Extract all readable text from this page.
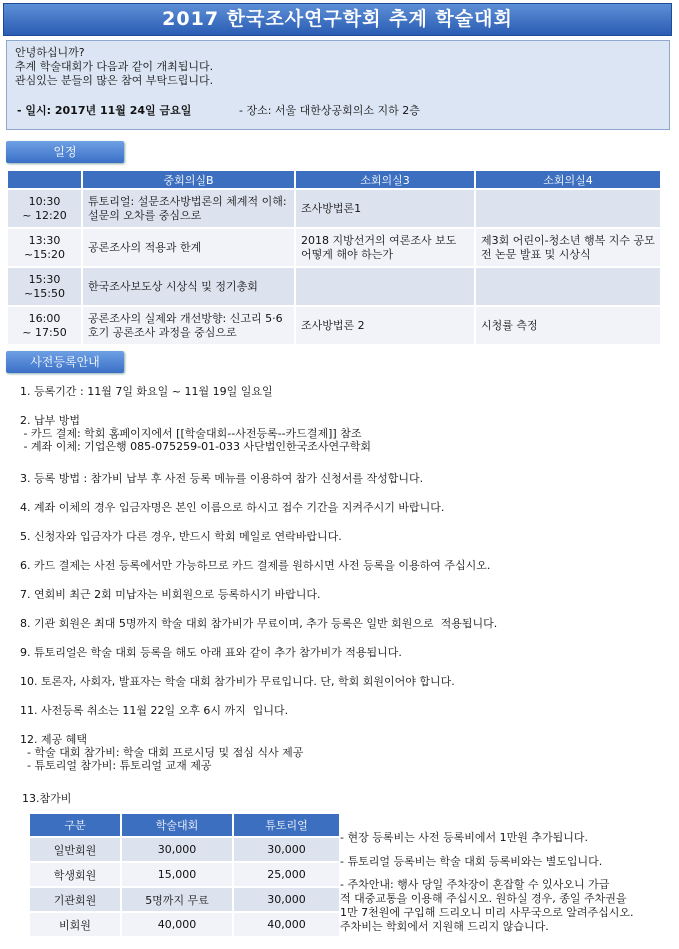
2017 한국조사연구학회 추계 학술대회
안녕하십니까?
추계 학술대회가 다음과 같이 개최됩니다.
관심있는 분들의 많은 참여 부탁드립니다.
- 일시: 2017년 11월 24일 금요일	- 장소: 서울 대한상공회의소 지하 2층
일정
	중회의실B	소회의실3	소회의실4
10:30
~ 12:20	튜토리얼: 설문조사방법론의 체계적 이해: 설문의 오차를 중심으로	조사방법론1	
13:30
~15:20	공론조사의 적용과 한계	2018 지방선거의 여론조사 보도 어떻게 해야 하는가	제3회 어린이-청소년 행복 지수 공모전 논문 발표 및 시상식
15:30
~15:50	한국조사보도상 시상식 및 정기총회		
16:00
~ 17:50	공론조사의 실제와 개선방향: 신고리 5·6호기 공론조사 과정을 중심으로	조사방법론 2	시청률 측정
사전등록안내
1. 등록기간 : 11월 7일 화요일 ~ 11월 19일 일요일
2. 납부 방법
- 카드 결제: 학회 홈페이지에서 [[학술대회--사전등록--카드결제]] 참조
- 계좌 이체: 기업은행 085-075259-01-033 사단법인한국조사연구학회
3. 등록 방법 : 참가비 납부 후 사전 등록 메뉴를 이용하여 참가 신청서를 작성합니다.
4. 계좌 이체의 경우 입금자명은 본인 이름으로 하시고 접수 기간을 지켜주시기 바랍니다.
5. 신청자와 입금자가 다른 경우, 반드시 학회 메일로 연락바랍니다.
6. 카드 결제는 사전 등록에서만 가능하므로 카드 결제를 원하시면 사전 등록을 이용하여 주십시오.
7. 연회비 최근 2회 미납자는 비회원으로 등록하시기 바랍니다.
8. 기관 회원은 최대 5명까지 학술 대회 참가비가 무료이며, 추가 등록은 일반 회원으로  적용됩니다.
9. 튜토리얼은 학술 대회 등록을 해도 아래 표와 같이 추가 참가비가 적용됩니다.
10. 토론자, 사회자, 발표자는 학술 대회 참가비가 무료입니다. 단, 학회 회원이어야 합니다.
11. 사전등록 취소는 11월 22일 오후 6시 까지  입니다.
12. 제공 혜택
- 학술 대회 참가비: 학술 대회 프로시딩 및 점심 식사 제공
- 튜토리얼 참가비: 튜토리얼 교재 제공
13.참가비
구분	학술대회	튜토리얼
일반회원	30,000	30,000
학생회원	15,000	25,000
기관회원	5명까지 무료	30,000
비회원	40,000	40,000
- 현장 등록비는 사전 등록비에서 1만원 추가됩니다.
- 튜토리얼 등록비는 학술 대회 등록비와는 별도입니다.
- 주차안내: 행사 당일 주차장이 혼잡할 수 있사오니 가급
적 대중교통을 이용해 주십시오. 원하실 경우, 종일 주차권을
1만 7천원에 구입해 드리오니 미리 사무국으로 알려주십시오.
주차비는 학회에서 지원해 드리지 않습니다.
